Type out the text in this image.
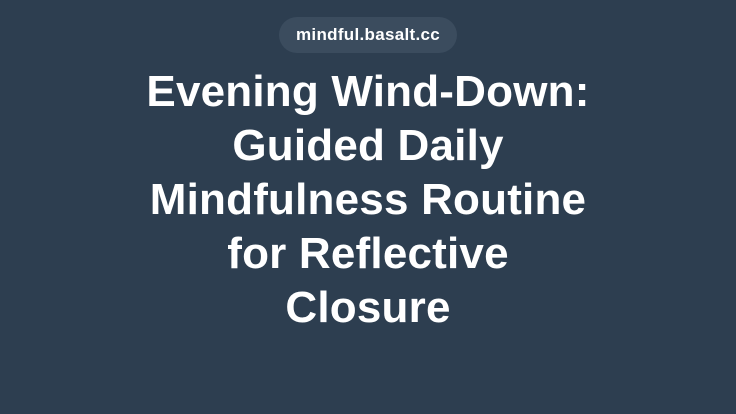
mindful.basalt.cc
Evening Wind-Down:
Guided Daily
Mindfulness Routine
for Reflective
Closure
